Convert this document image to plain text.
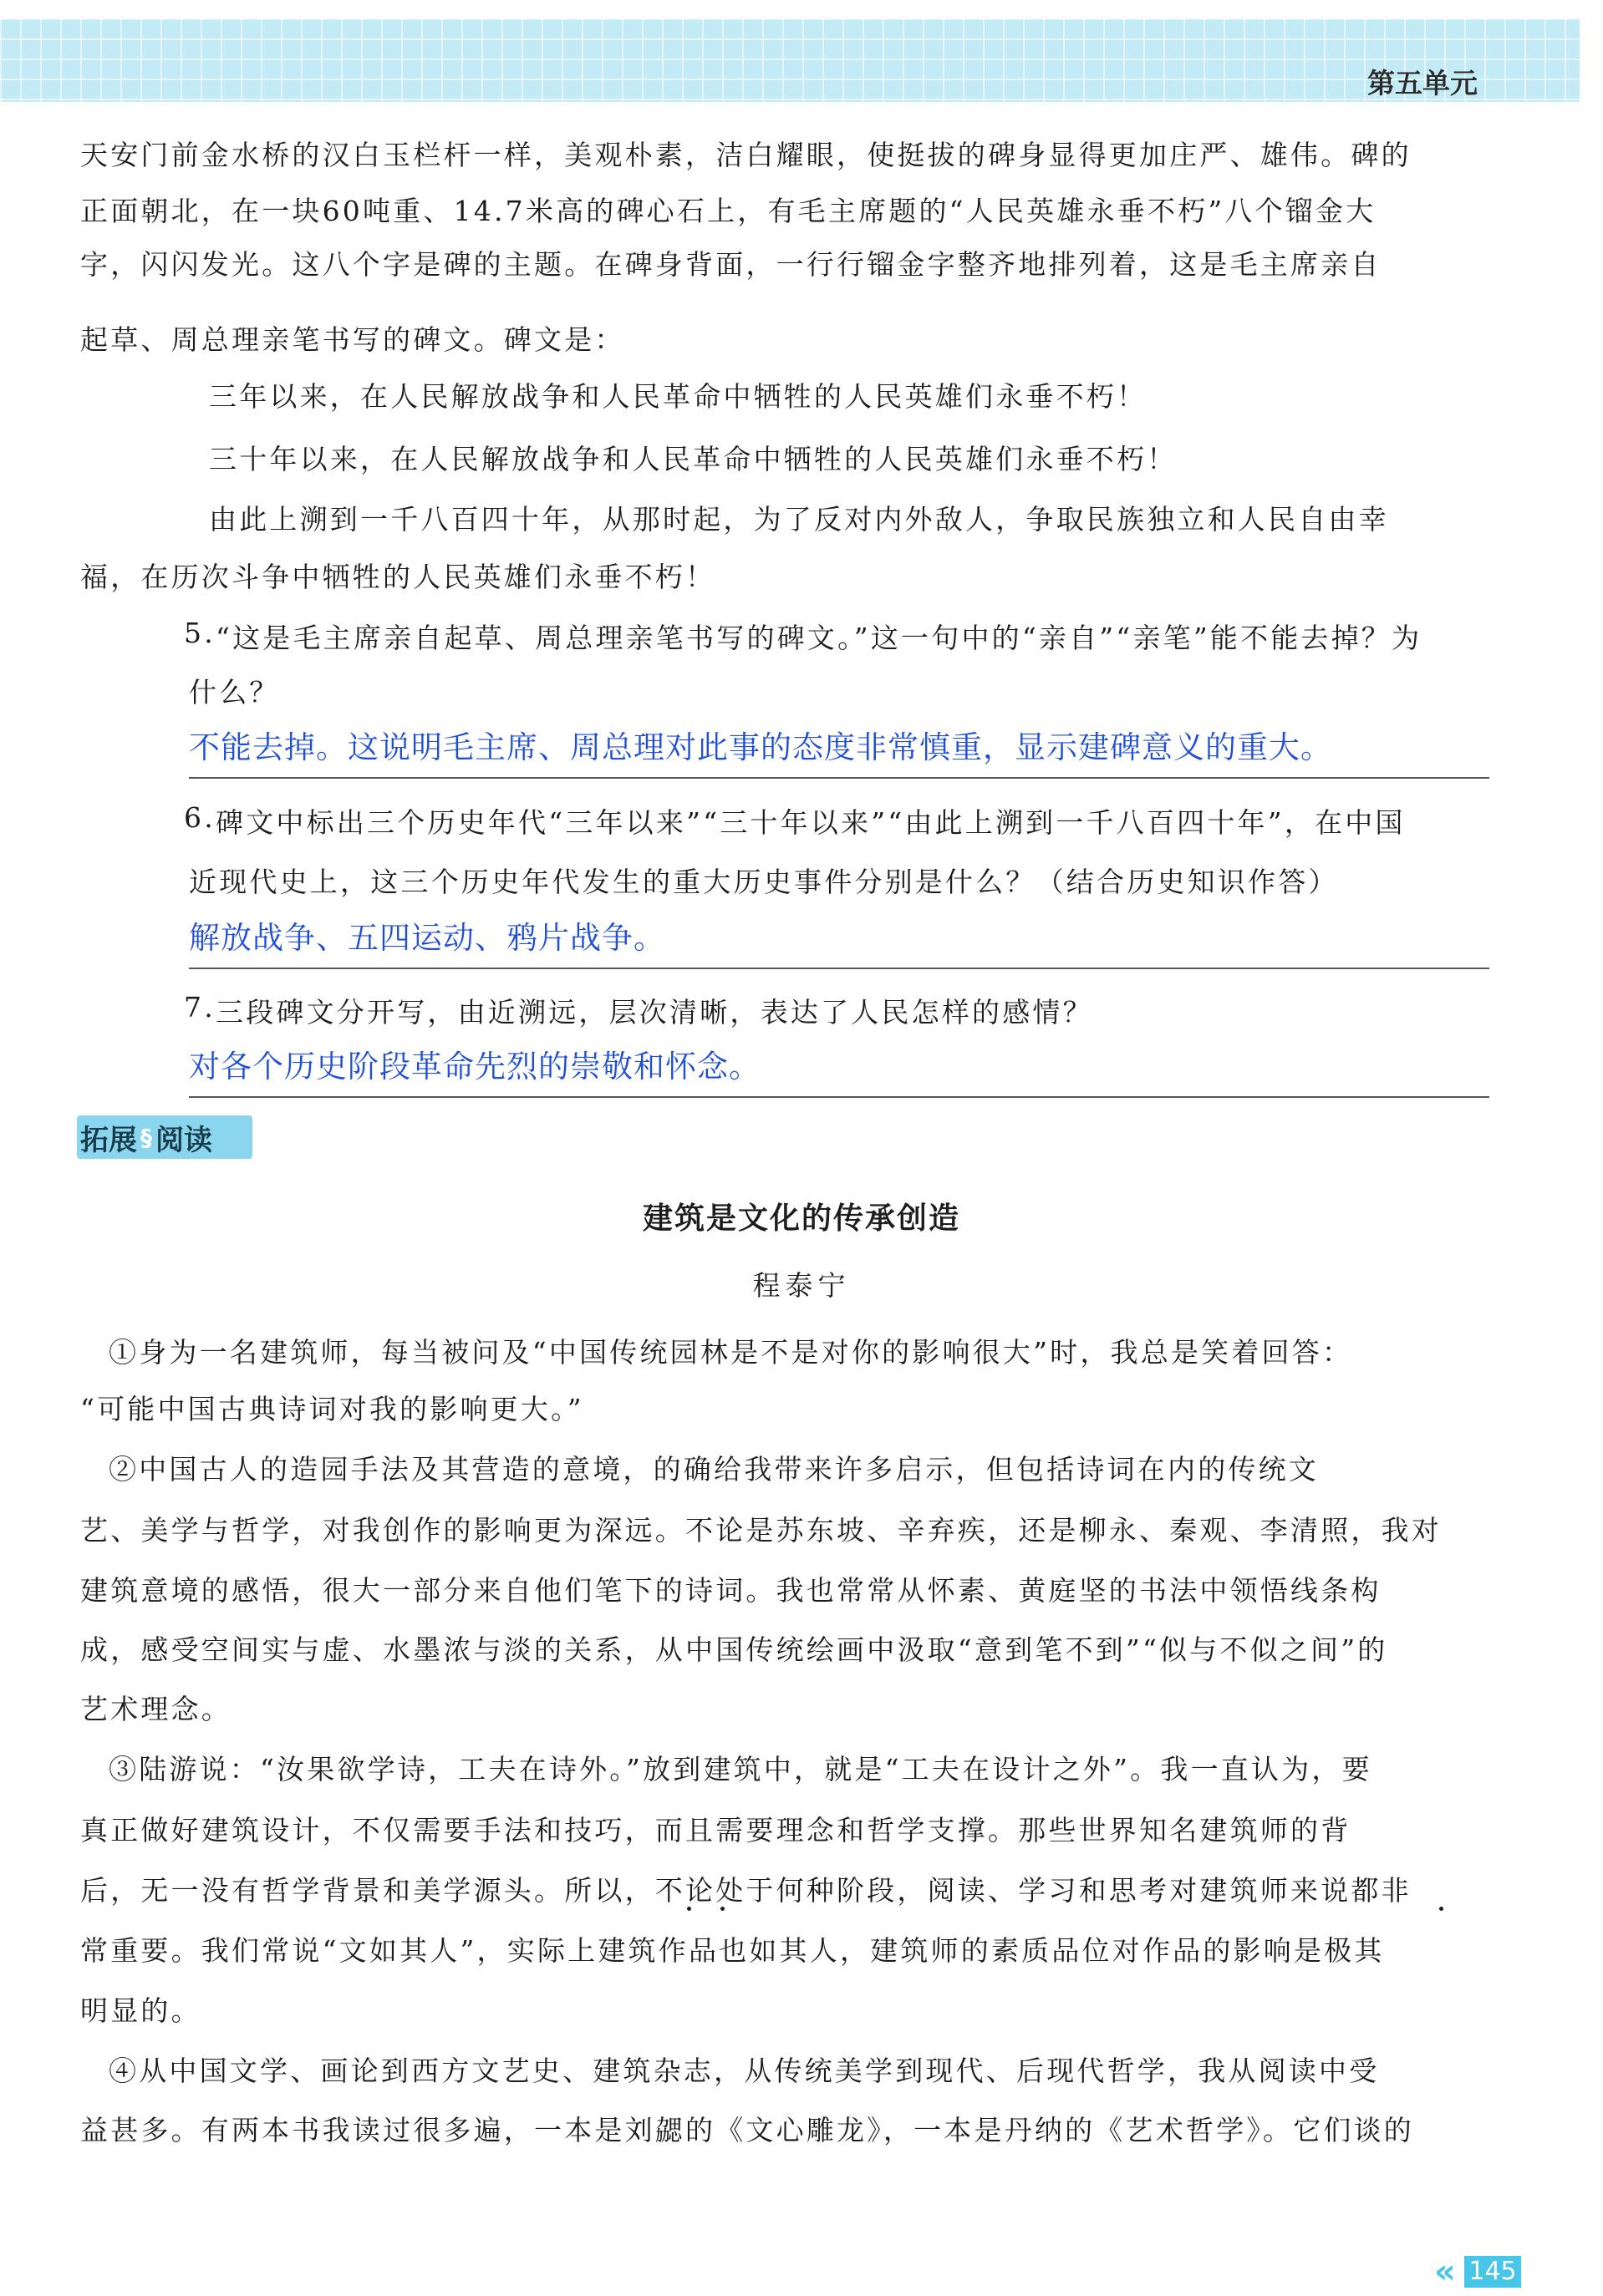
第五单元
天安门前金水桥的汉白玉栏杆一样，美观朴素，洁白耀眼，使挺拔的碑身显得更加庄严、雄伟。碑的
正面朝北，在一块60吨重、14.7米高的碑心石上，有毛主席题的“人民英雄永垂不朽”八个镏金大
字，闪闪发光。这八个字是碑的主题。在碑身背面，一行行镏金字整齐地排列着，这是毛主席亲自
起草、周总理亲笔书写的碑文。碑文是：
三年以来，在人民解放战争和人民革命中牺牲的人民英雄们永垂不朽！
三十年以来，在人民解放战争和人民革命中牺牲的人民英雄们永垂不朽！
由此上溯到一千八百四十年，从那时起，为了反对内外敌人，争取民族独立和人民自由幸
福，在历次斗争中牺牲的人民英雄们永垂不朽！
5. “这是毛主席亲自起草、周总理亲笔书写的碑文。”这一句中的“亲自”“亲笔”能不能去掉？为
什么？
不能去掉。这说明毛主席、周总理对此事的态度非常慎重，显示建碑意义的重大。
6. 碑文中标出三个历史年代“三年以来”“三十年以来”“由此上溯到一千八百四十年”，在中国
近现代史上，这三个历史年代发生的重大历史事件分别是什么？（结合历史知识作答）
解放战争、五四运动、鸦片战争。
7. 三段碑文分开写，由近溯远，层次清晰，表达了人民怎样的感情？
对各个历史阶段革命先烈的崇敬和怀念。
拓展 § 阅读
建筑是文化的传承创造
程泰宁
①身为一名建筑师，每当被问及“中国传统园林是不是对你的影响很大”时，我总是笑着回答：
“可能中国古典诗词对我的影响更大。”
②中国古人的造园手法及其营造的意境，的确给我带来许多启示，但包括诗词在内的传统文
艺、美学与哲学，对我创作的影响更为深远。不论是苏东坡、辛弃疾，还是柳永、秦观、李清照，我对
建筑意境的感悟，很大一部分来自他们笔下的诗词。我也常常从怀素、黄庭坚的书法中领悟线条构
成，感受空间实与虚、水墨浓与淡的关系，从中国传统绘画中汲取“意到笔不到”“似与不似之间”的
艺术理念。
③陆游说：“汝果欲学诗，工夫在诗外。”放到建筑中，就是“工夫在设计之外”。我一直认为，要
真正做好建筑设计，不仅需要手法和技巧，而且需要理念和哲学支撑。那些世界知名建筑师的背
后，无一没有哲学背景和美学源头。所以，不论处于何种阶段，阅读、学习和思考对建筑师来说都非
常重要。我们常说“文如其人”，实际上建筑作品也如其人，建筑师的素质品位对作品的影响是极其
明显的。
④从中国文学、画论到西方文艺史、建筑杂志，从传统美学到现代、后现代哲学，我从阅读中受
益甚多。有两本书我读过很多遍，一本是刘勰的《文心雕龙》，一本是丹纳的《艺术哲学》。它们谈的
« 145
